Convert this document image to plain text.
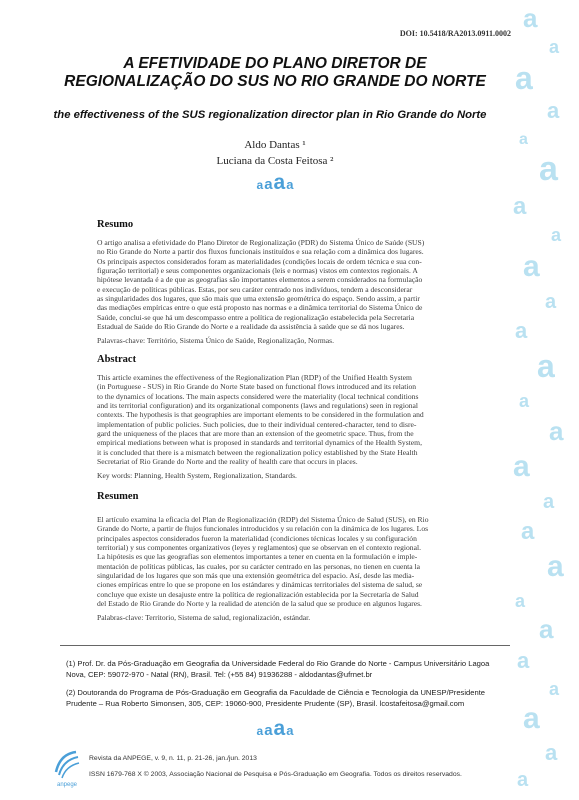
a
a
a
a
a
a
a
a
a
a
a
a
a
a
a
a
a
a
a
a
a
a
a
a
a
DOI: 10.5418/RA2013.0911.0002
A EFETIVIDADE DO PLANO DIRETOR DE
REGIONALIZAÇÃO DO SUS NO RIO GRANDE DO NORTE
the effectiveness of the SUS regionalization director plan in Rio Grande do Norte
Aldo Dantas ¹
Luciana da Costa Feitosa ²
aaaa
Resumo
O artigo analisa a efetividade do Plano Diretor de Regionalização (PDR) do Sistema Único de Saúde (SUS)
no Rio Grande do Norte a partir dos fluxos funcionais instituídos e sua relação com a dinâmica dos lugares.
Os principais aspectos considerados foram as materialidades (condições locais de ordem técnica e sua con-
figuração territorial) e seus componentes organizacionais (leis e normas) vistos em contextos regionais. A
hipótese levantada é a de que as geografias são importantes elementos a serem considerados na formulação
e execução de políticas públicas. Estas, por seu caráter centrado nos indivíduos, tendem a desconsiderar
as singularidades dos lugares, que são mais que uma extensão geométrica do espaço. Sendo assim, a partir
das mediações empíricas entre o que está proposto nas normas e a dinâmica territorial do Sistema Único de
Saúde, conclui-se que há um descompasso entre a política de regionalização estabelecida pela Secretaria
Estadual de Saúde do Rio Grande do Norte e a realidade da assistência à saúde que se dá nos lugares.
Palavras-chave: Território, Sistema Único de Saúde, Regionalização, Normas.
Abstract
This article examines the effectiveness of the Regionalization Plan (RDP) of the Unified Health System
(in Portuguese - SUS) in Rio Grande do Norte State based on functional flows introduced and its relation
to the dynamics of locations. The main aspects considered were the materiality (local technical conditions
and its territorial configuration) and its organizational components (laws and regulations) seen in regional
contexts. The hypothesis is that geographies are important elements to be considered in the formulation and
implementation of public policies. Such policies, due to their individual centered-character, tend to disre-
gard the uniqueness of the places that are more than an extension of the geometric space. Thus, from the
empirical mediations between what is proposed in standards and territorial dynamics of the Health System,
it is concluded that there is a mismatch between the regionalization policy established by the State Health
Secretariat of Rio Grande do Norte and the reality of health care that occurs in places.
Key words: Planning, Health System, Regionalization, Standards.
Resumen
El artículo examina la eficacia del Plan de Regionalización (RDP) del Sistema Único de Salud (SUS), en Rio
Grande do Norte, a partir de flujos funcionales introducidos y su relación con la dinámica de los lugares. Los
principales aspectos considerados fueron la materialidad (condiciones técnicas locales y su configuración
territorial) y sus componentes organizativos (leyes y reglamentos) que se observan en el contexto regional.
La hipótesis es que las geografías son elementos importantes a tener en cuenta en la formulación e imple-
mentación de políticas públicas, las cuales, por su carácter centrado en las personas, no tienen en cuenta la
singularidad de los lugares que son más que una extensión geométrica del espacio. Así, desde las media-
ciones empíricas entre lo que se propone en los estándares y dinámicas territoriales del sistema de salud, se
concluye que existe un desajuste entre la política de regionalización establecida por la Secretaría de Salud
del Estado de Rio Grande do Norte y la realidad de atención de la salud que se produce en algunos lugares.
Palabras-clave: Territorio, Sistema de salud, regionalización, estándar.
(1) Prof. Dr. da Pós-Graduação em Geografia da Universidade Federal do Rio Grande do Norte - Campus Universitário Lagoa
Nova, CEP: 59072-970 - Natal (RN), Brasil. Tel: (+55 84) 91936288 - aldodantas@ufrnet.br
(2) Doutoranda do Programa de Pós-Graduação em Geografia da Faculdade de Ciência e Tecnologia da UNESP/Presidente
Prudente – Rua Roberto Simonsen, 305, CEP: 19060-900, Presidente Prudente (SP), Brasil. lcostafeitosa@gmail.com
aaaa
anpege
Revista da ANPEGE, v. 9, n. 11, p. 21-26, jan./jun. 2013
ISSN 1679-768 X © 2003, Associação Nacional de Pesquisa e Pós-Graduação em Geografia. Todos os direitos reservados.
